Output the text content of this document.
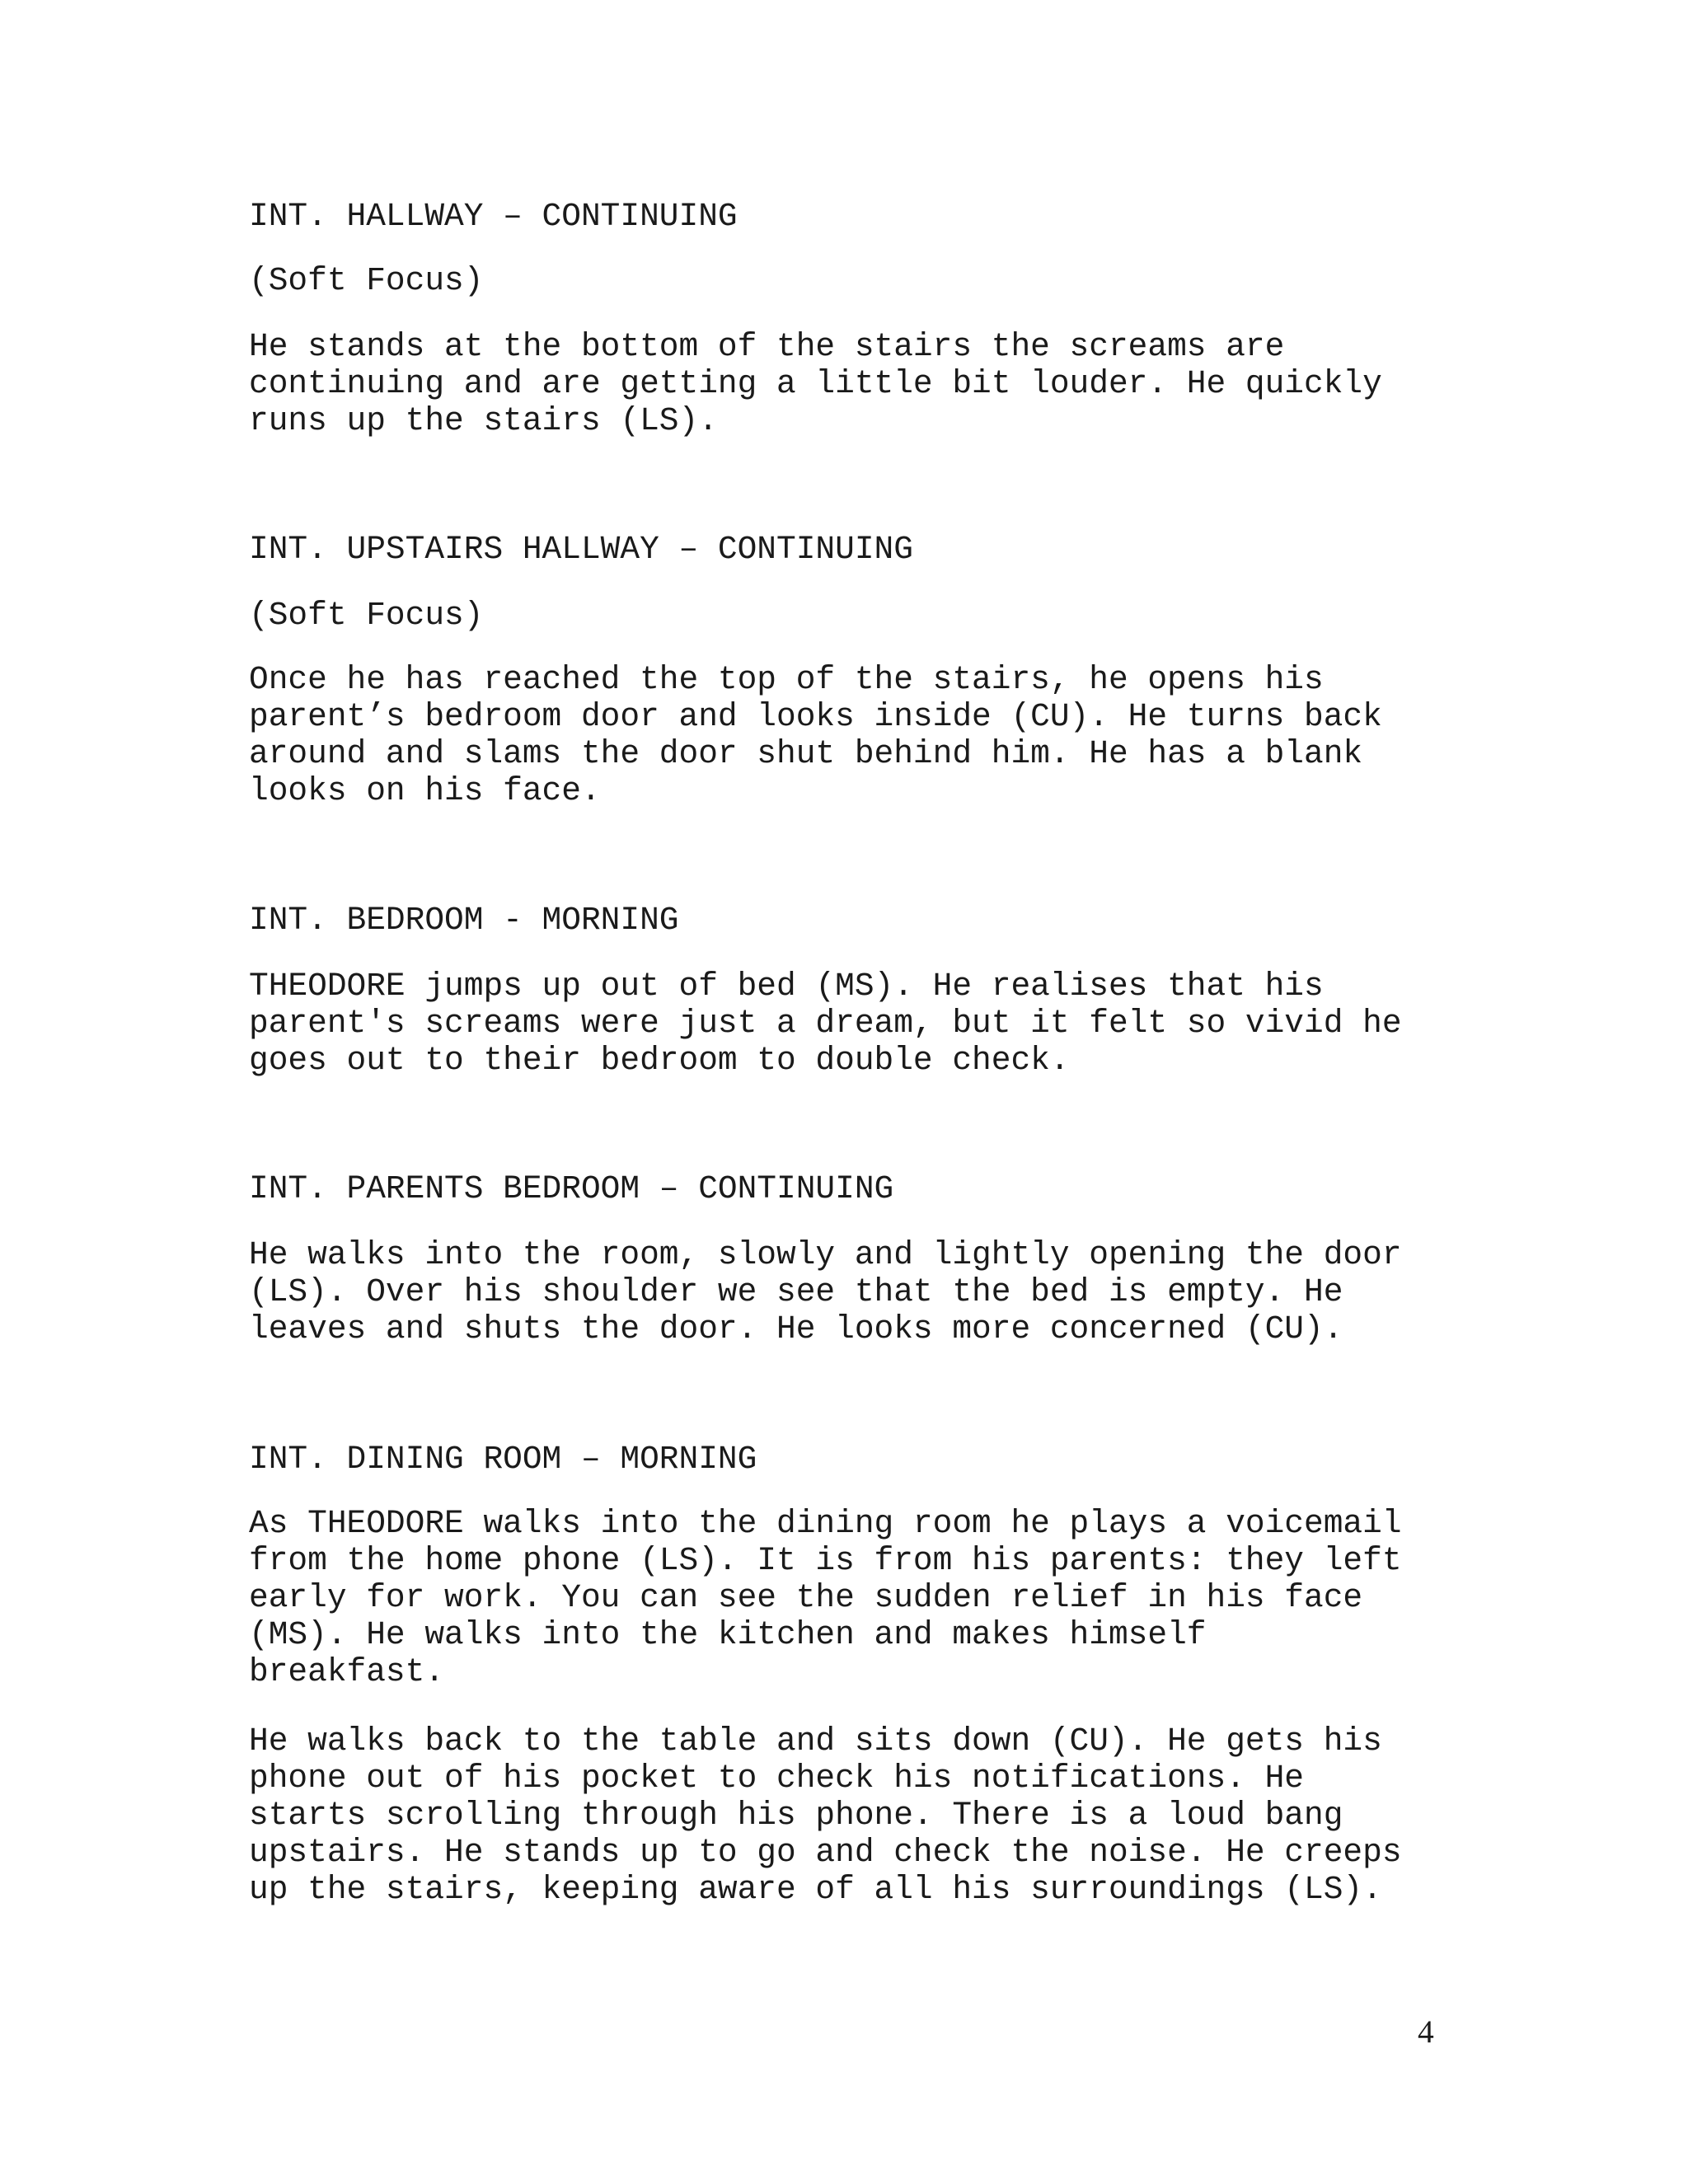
INT. HALLWAY – CONTINUING

(Soft Focus)

He stands at the bottom of the stairs the screams are
continuing and are getting a little bit louder. He quickly
runs up the stairs (LS).

INT. UPSTAIRS HALLWAY – CONTINUING

(Soft Focus)

Once he has reached the top of the stairs, he opens his
parent’s bedroom door and looks inside (CU). He turns back
around and slams the door shut behind him. He has a blank
looks on his face.

INT. BEDROOM - MORNING

THEODORE jumps up out of bed (MS). He realises that his
parent's screams were just a dream, but it felt so vivid he
goes out to their bedroom to double check.

INT. PARENTS BEDROOM – CONTINUING

He walks into the room, slowly and lightly opening the door
(LS). Over his shoulder we see that the bed is empty. He
leaves and shuts the door. He looks more concerned (CU).

INT. DINING ROOM – MORNING

As THEODORE walks into the dining room he plays a voicemail
from the home phone (LS). It is from his parents: they left
early for work. You can see the sudden relief in his face
(MS). He walks into the kitchen and makes himself
breakfast.

He walks back to the table and sits down (CU). He gets his
phone out of his pocket to check his notifications. He
starts scrolling through his phone. There is a loud bang
upstairs. He stands up to go and check the noise. He creeps
up the stairs, keeping aware of all his surroundings (LS).

4
